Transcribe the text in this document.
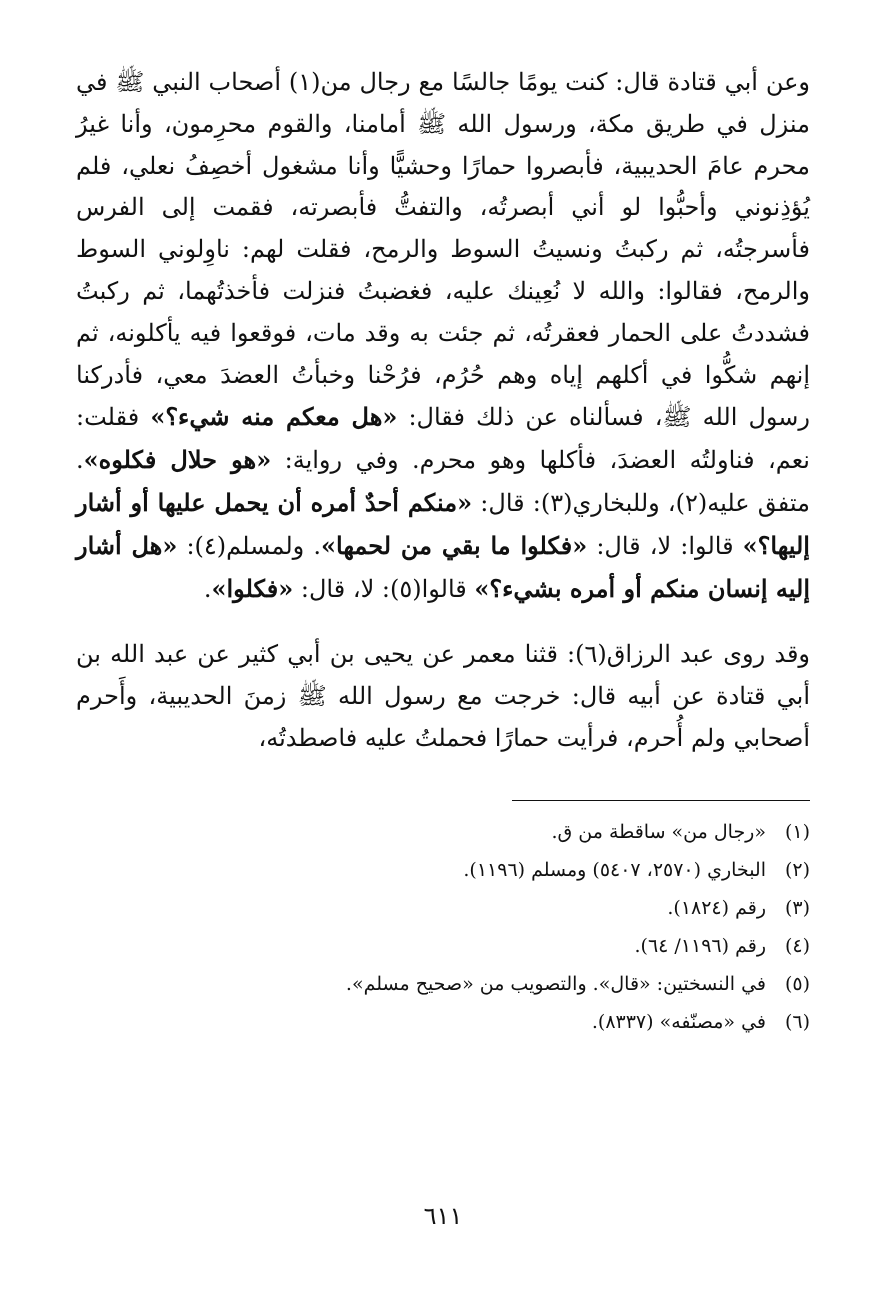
وعن أبي قتادة قال: كنت يومًا جالسًا مع رجال من(١) أصحاب النبي ﷺ في منزل في طريق مكة، ورسول الله ﷺ أمامنا، والقوم محرِمون، وأنا غيرُ محرم عامَ الحديبية، فأبصروا حمارًا وحشيًّا وأنا مشغول أخصِفُ نعلي، فلم يُؤذِنوني وأحبُّوا لو أني أبصرتُه، والتفتُّ فأبصرته، فقمت إلى الفرس فأسرجتُه، ثم ركبتُ ونسيتُ السوط والرمح، فقلت لهم: ناوِلوني السوط والرمح، فقالوا: والله لا نُعِينك عليه، فغضبتُ فنزلت فأخذتُهما، ثم ركبتُ فشددتُ على الحمار فعقرتُه، ثم جئت به وقد مات، فوقعوا فيه يأكلونه، ثم إنهم شكُّوا في أكلهم إياه وهم حُرُم، فرُحْنا وخبأتُ العضدَ معي، فأدركنا رسول الله ﷺ، فسألناه عن ذلك فقال: «هل معكم منه شيء؟» فقلت: نعم، فناولتُه العضدَ، فأكلها وهو محرم. وفي رواية: «هو حلال فكلوه». متفق عليه(٢)، وللبخاري(٣): قال: «منكم أحدٌ أمره أن يحمل عليها أو أشار إليها؟» قالوا: لا، قال: «فكلوا ما بقي من لحمها». ولمسلم(٤): «هل أشار إليه إنسان منكم أو أمره بشيء؟» قالوا(٥): لا، قال: «فكلوا».

وقد روى عبد الرزاق(٦): قثنا معمر عن يحيى بن أبي كثير عن عبد الله بن أبي قتادة عن أبيه قال: خرجت مع رسول الله ﷺ زمنَ الحديبية، وأَحرم أصحابي ولم أُحرم، فرأيت حمارًا فحملتُ عليه فاصطدتُه،

(١)
«رجال من» ساقطة من ق.
(٢)
البخاري (٢٥٧٠، ٥٤٠٧) ومسلم (١١٩٦).
(٣)
رقم (١٨٢٤).
(٤)
رقم (١١٩٦/ ٦٤).
(٥)
في النسختين: «قال». والتصويب من «صحيح مسلم».
(٦)
في «مصنّفه» (٨٣٣٧).
٦١١
